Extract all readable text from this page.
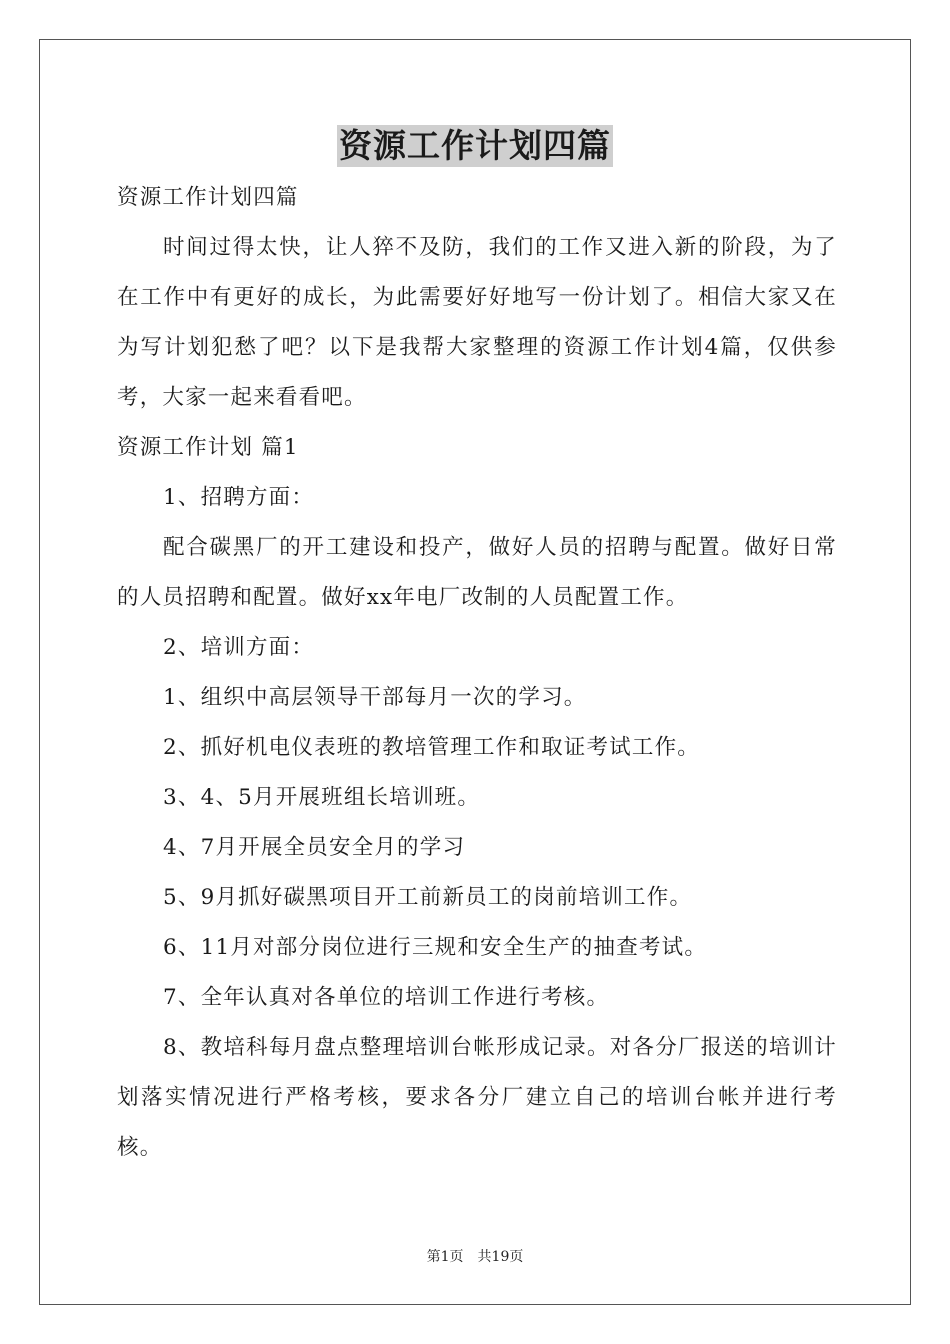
资源工作计划四篇

资源工作计划四篇

时间过得太快，让人猝不及防，我们的工作又进入新的阶段，为了在工作中有更好的成长，为此需要好好地写一份计划了。相信大家又在为写计划犯愁了吧？以下是我帮大家整理的资源工作计划4篇，仅供参考，大家一起来看看吧。

资源工作计划 篇1

1、招聘方面：

配合碳黑厂的开工建设和投产，做好人员的招聘与配置。做好日常的人员招聘和配置。做好xx年电厂改制的人员配置工作。

2、培训方面：

1、组织中高层领导干部每月一次的学习。

2、抓好机电仪表班的教培管理工作和取证考试工作。

3、4、5月开展班组长培训班。

4、7月开展全员安全月的学习

5、9月抓好碳黑项目开工前新员工的岗前培训工作。

6、11月对部分岗位进行三规和安全生产的抽查考试。

7、全年认真对各单位的培训工作进行考核。

8、教培科每月盘点整理培训台帐形成记录。对各分厂报送的培训计划落实情况进行严格考核，要求各分厂建立自己的培训台帐并进行考核。

第1页　共19页
